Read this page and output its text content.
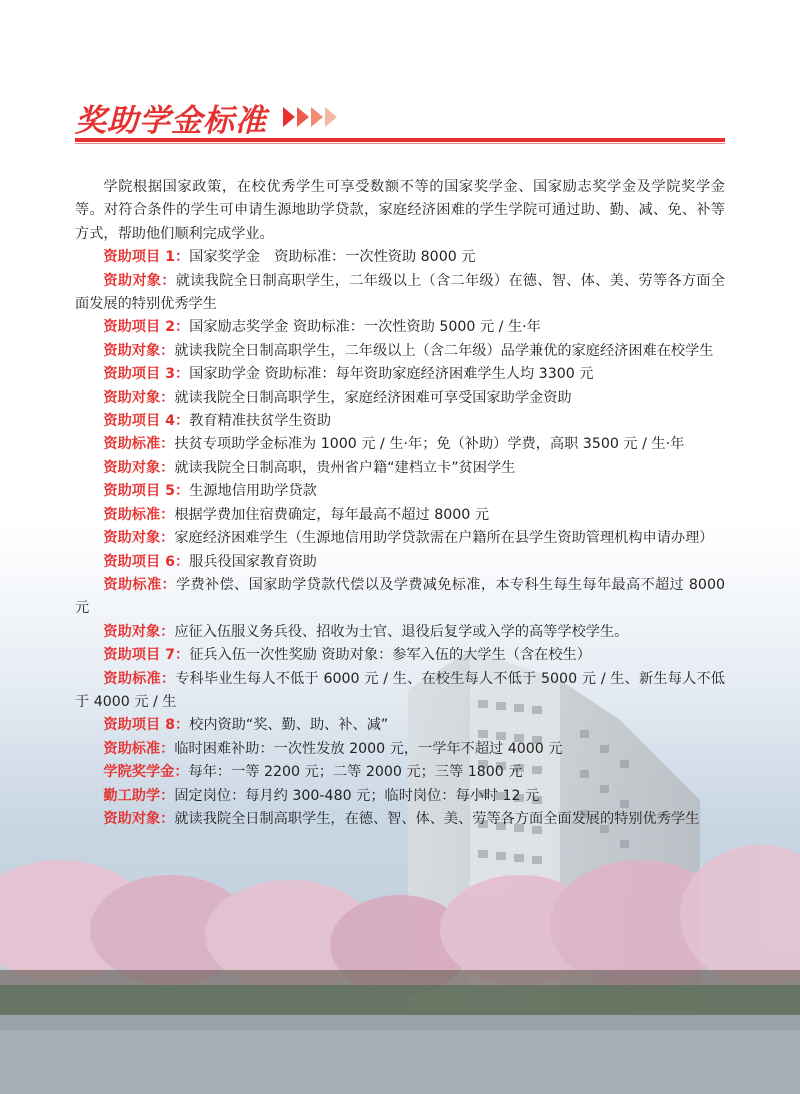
奖助学金标准

学院根据国家政策，在校优秀学生可享受数额不等的国家奖学金、国家励志奖学金及学院奖学金等。对符合条件的学生可申请生源地助学贷款，家庭经济困难的学生学院可通过助、勤、减、免、补等方式，帮助他们顺利完成学业。

资助项目 1：国家奖学金　资助标准：一次性资助 8000 元

资助对象：就读我院全日制高职学生，二年级以上（含二年级）在德、智、体、美、劳等各方面全面发展的特别优秀学生

资助项目 2：国家励志奖学金 资助标准：一次性资助 5000 元 / 生·年

资助对象：就读我院全日制高职学生，二年级以上（含二年级）品学兼优的家庭经济困难在校学生

资助项目 3：国家助学金 资助标准：每年资助家庭经济困难学生人均 3300 元

资助对象：就读我院全日制高职学生，家庭经济困难可享受国家助学金资助

资助项目 4：教育精准扶贫学生资助

资助标准：扶贫专项助学金标准为 1000 元 / 生·年；免（补助）学费，高职 3500 元 / 生·年

资助对象：就读我院全日制高职，贵州省户籍“建档立卡”贫困学生

资助项目 5：生源地信用助学贷款

资助标准：根据学费加住宿费确定，每年最高不超过 8000 元

资助对象：家庭经济困难学生（生源地信用助学贷款需在户籍所在县学生资助管理机构申请办理）

资助项目 6：服兵役国家教育资助

资助标准：学费补偿、国家助学贷款代偿以及学费减免标准，本专科生每生每年最高不超过 8000 元

资助对象：应征入伍服义务兵役、招收为士官、退役后复学或入学的高等学校学生。

资助项目 7：征兵入伍一次性奖励 资助对象：参军入伍的大学生（含在校生）

资助标准：专科毕业生每人不低于 6000 元 / 生、在校生每人不低于 5000 元 / 生、新生每人不低于 4000 元 / 生

资助项目 8：校内资助“奖、勤、助、补、减”

资助标准：临时困难补助：一次性发放 2000 元，一学年不超过 4000 元

学院奖学金：每年：一等 2200 元；二等 2000 元；三等 1800 元

勤工助学：固定岗位：每月约 300-480 元；临时岗位：每小时 12 元

资助对象：就读我院全日制高职学生，在德、智、体、美、劳等各方面全面发展的特别优秀学生
